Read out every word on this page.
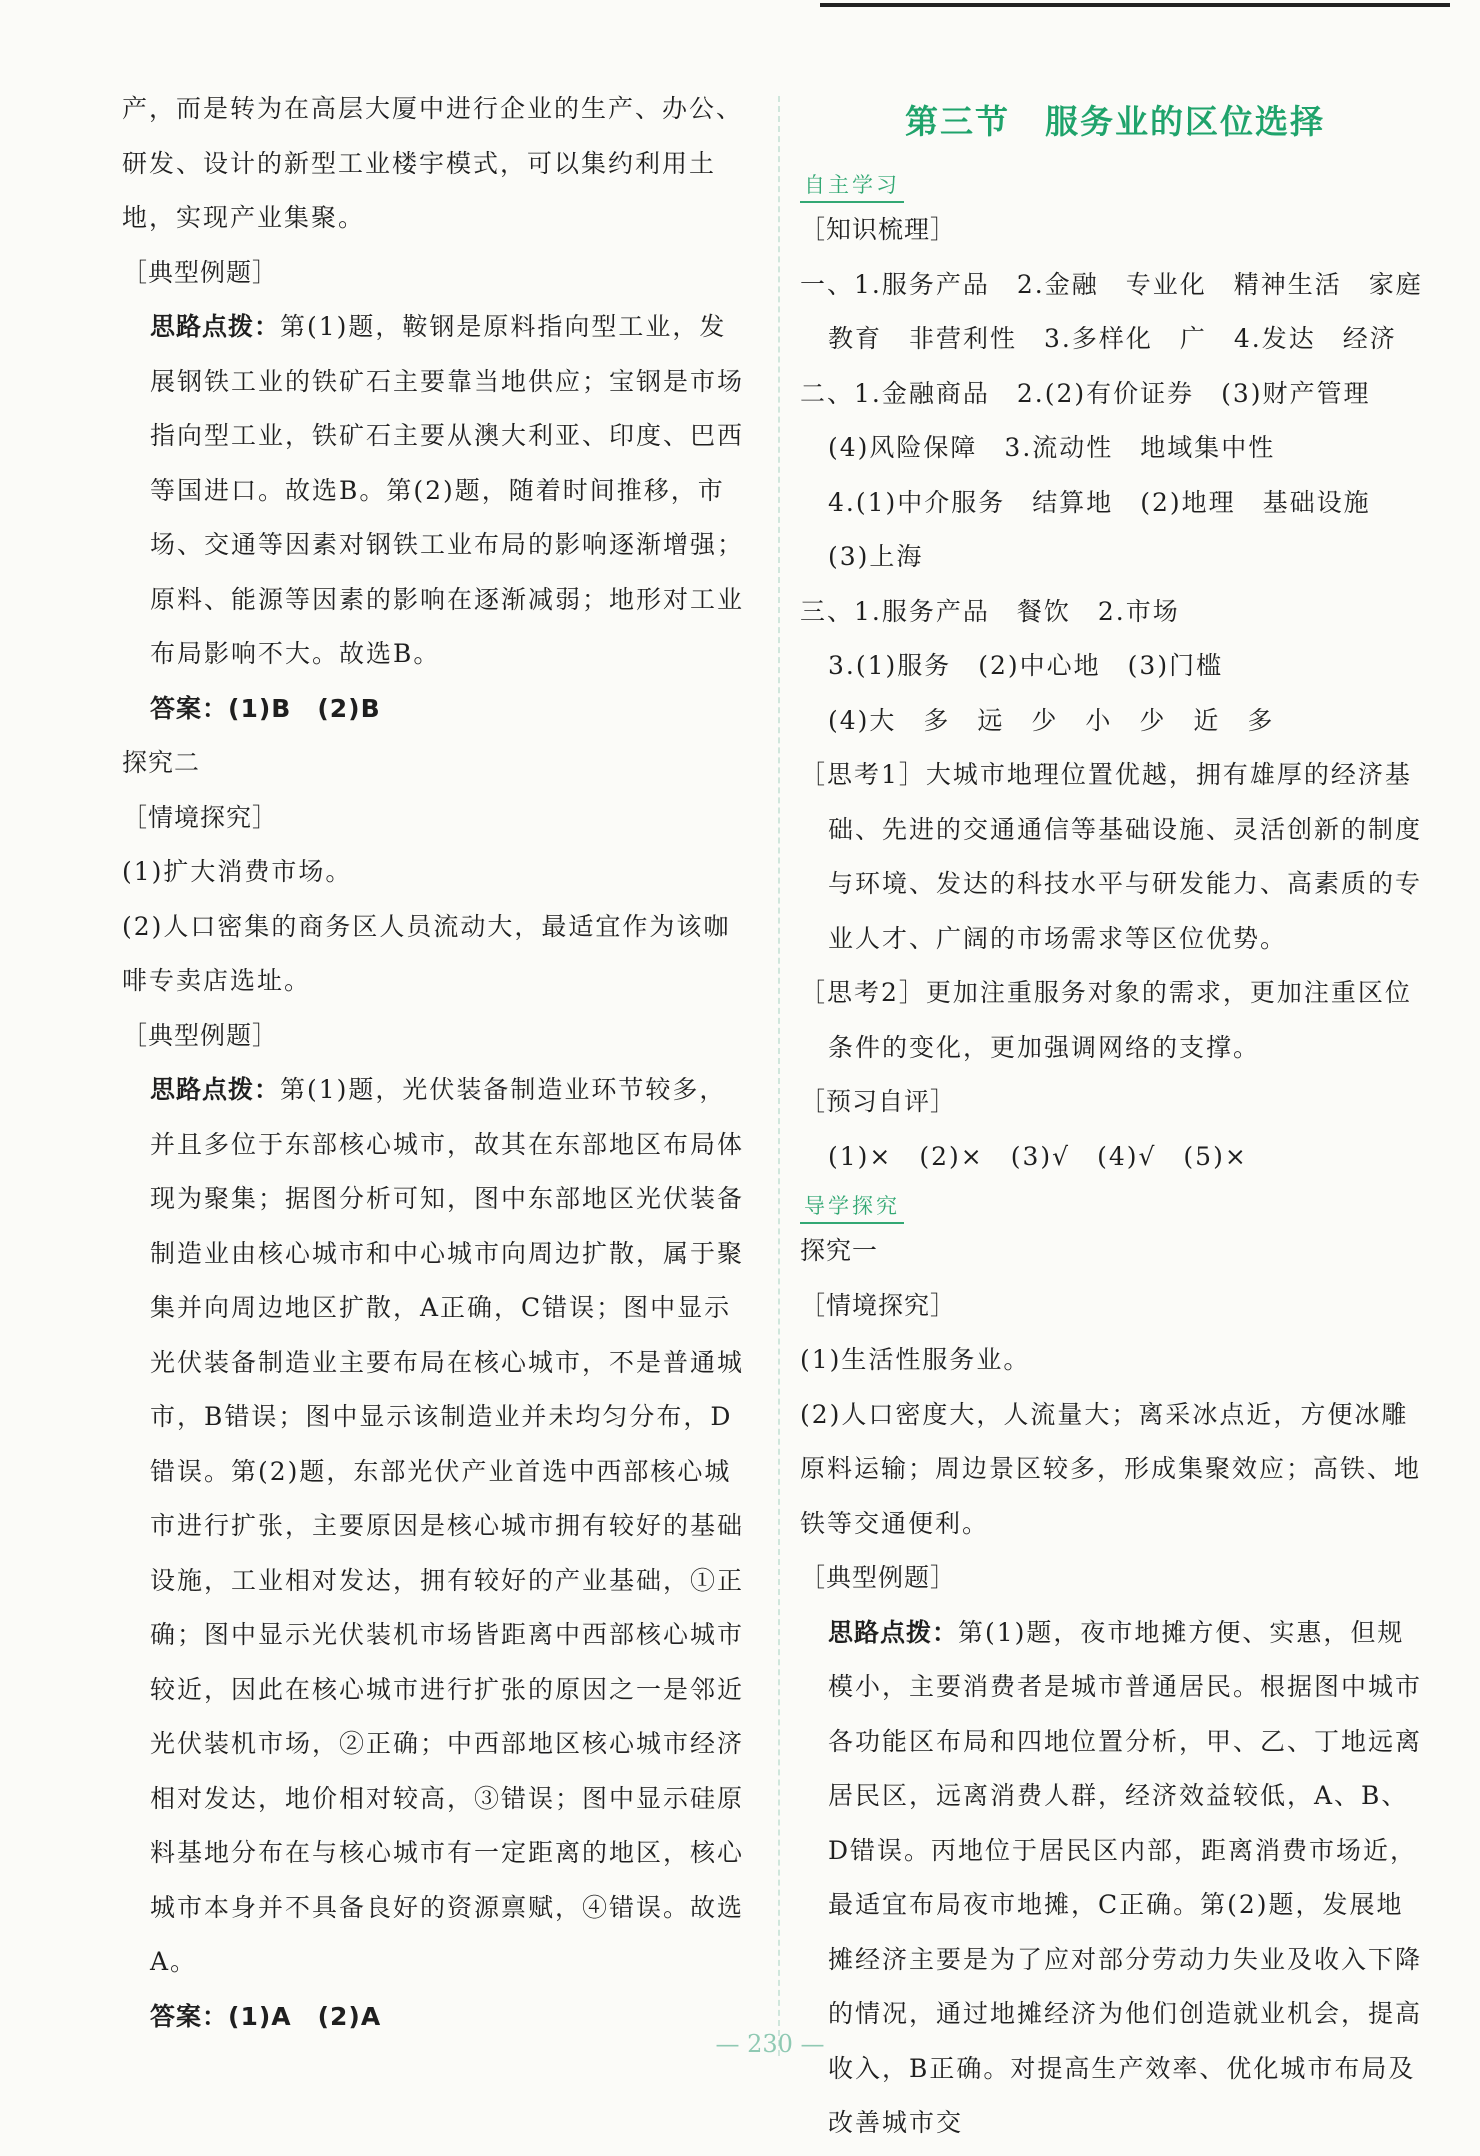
产，而是转为在高层大厦中进行企业的生产、办公、研发、设计的新型工业楼宇模式，可以集约利用土地，实现产业集聚。

［典型例题］

思路点拨：第(1)题，鞍钢是原料指向型工业，发展钢铁工业的铁矿石主要靠当地供应；宝钢是市场指向型工业，铁矿石主要从澳大利亚、印度、巴西等国进口。故选B。第(2)题，随着时间推移，市场、交通等因素对钢铁工业布局的影响逐渐增强；原料、能源等因素的影响在逐渐减弱；地形对工业布局影响不大。故选B。

答案：(1)B　(2)B

探究二

［情境探究］

(1)扩大消费市场。

(2)人口密集的商务区人员流动大，最适宜作为该咖啡专卖店选址。

［典型例题］

思路点拨：第(1)题，光伏装备制造业环节较多，并且多位于东部核心城市，故其在东部地区布局体现为聚集；据图分析可知，图中东部地区光伏装备制造业由核心城市和中心城市向周边扩散，属于聚集并向周边地区扩散，A正确，C错误；图中显示光伏装备制造业主要布局在核心城市，不是普通城市，B错误；图中显示该制造业并未均匀分布，D错误。第(2)题，东部光伏产业首选中西部核心城市进行扩张，主要原因是核心城市拥有较好的基础设施，工业相对发达，拥有较好的产业基础，①正确；图中显示光伏装机市场皆距离中西部核心城市较近，因此在核心城市进行扩张的原因之一是邻近光伏装机市场，②正确；中西部地区核心城市经济相对发达，地价相对较高，③错误；图中显示硅原料基地分布在与核心城市有一定距离的地区，核心城市本身并不具备良好的资源禀赋，④错误。故选A。

答案：(1)A　(2)A

第三节　服务业的区位选择
自主学习

［知识梳理］

一、1.服务产品　2.金融　专业化　精神生活　家庭

教育　非营利性　3.多样化　广　4.发达　经济

二、1.金融商品　2.(2)有价证券　(3)财产管理

(4)风险保障　3.流动性　地域集中性

4.(1)中介服务　结算地　(2)地理　基础设施

(3)上海

三、1.服务产品　餐饮　2.市场

3.(1)服务　(2)中心地　(3)门槛

(4)大　多　远　少　小　少　近　多

［思考1］大城市地理位置优越，拥有雄厚的经济基础、先进的交通通信等基础设施、灵活创新的制度与环境、发达的科技水平与研发能力、高素质的专业人才、广阔的市场需求等区位优势。

［思考2］更加注重服务对象的需求，更加注重区位条件的变化，更加强调网络的支撑。

［预习自评］

(1)×　(2)×　(3)√　(4)√　(5)×

导学探究

探究一

［情境探究］

(1)生活性服务业。

(2)人口密度大，人流量大；离采冰点近，方便冰雕原料运输；周边景区较多，形成集聚效应；高铁、地铁等交通便利。

［典型例题］

思路点拨：第(1)题，夜市地摊方便、实惠，但规模小，主要消费者是城市普通居民。根据图中城市各功能区布局和四地位置分析，甲、乙、丁地远离居民区，远离消费人群，经济效益较低，A、B、D错误。丙地位于居民区内部，距离消费市场近，最适宜布局夜市地摊，C正确。第(2)题，发展地摊经济主要是为了应对部分劳动力失业及收入下降的情况，通过地摊经济为他们创造就业机会，提高收入，B正确。对提高生产效率、优化城市布局及改善城市交

— 230 —
